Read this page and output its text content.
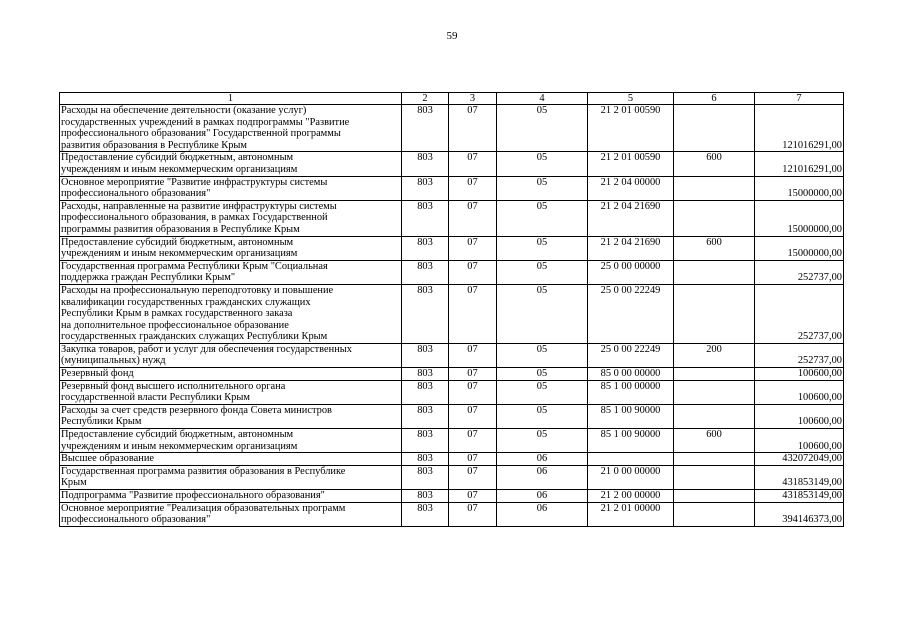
59
1	2	3	4	5	6	7

Расходы на обеспечение деятельности (оказание услуг)
государственных учреждений в рамках подпрограммы "Развитие
профессионального образования" Государственной программы
развития образования в Республике Крым	803	07	05	21 2 01 00590		121016291,00

Предоставление субсидий бюджетным, автономным
учреждениям и иным некоммерческим организациям	803	07	05	21 2 01 00590	600	121016291,00

Основное мероприятие "Развитие инфраструктуры системы
профессионального образования"	803	07	05	21 2 04 00000		15000000,00

Расходы, направленные на развитие инфраструктуры системы
профессионального образования, в рамках Государственной
программы развития образования в Республике Крым	803	07	05	21 2 04 21690		15000000,00

Предоставление субсидий бюджетным, автономным
учреждениям и иным некоммерческим организациям	803	07	05	21 2 04 21690	600	15000000,00

Государственная программа Республики Крым "Социальная
поддержка граждан Республики Крым"	803	07	05	25 0 00 00000		252737,00

Расходы на профессиональную переподготовку и повышение
квалификации государственных гражданских служащих
Республики Крым в рамках государственного заказа
на дополнительное профессиональное образование
государственных гражданских служащих Республики Крым	803	07	05	25 0 00 22249		252737,00

Закупка товаров, работ и услуг для обеспечения государственных
(муниципальных) нужд	803	07	05	25 0 00 22249	200	252737,00

Резервный фонд	803	07	05	85 0 00 00000		100600,00

Резервный фонд высшего исполнительного органа
государственной власти Республики Крым	803	07	05	85 1 00 00000		100600,00

Расходы за счет средств резервного фонда Совета министров
Республики Крым	803	07	05	85 1 00 90000		100600,00

Предоставление субсидий бюджетным, автономным
учреждениям и иным некоммерческим организациям	803	07	05	85 1 00 90000	600	100600,00

Высшее образование	803	07	06			432072049,00

Государственная программа развития образования в Республике
Крым	803	07	06	21 0 00 00000		431853149,00

Подпрограмма "Развитие профессионального образования"	803	07	06	21 2 00 00000		431853149,00

Основное мероприятие "Реализация образовательных программ
профессионального образования"	803	07	06	21 2 01 00000		394146373,00
